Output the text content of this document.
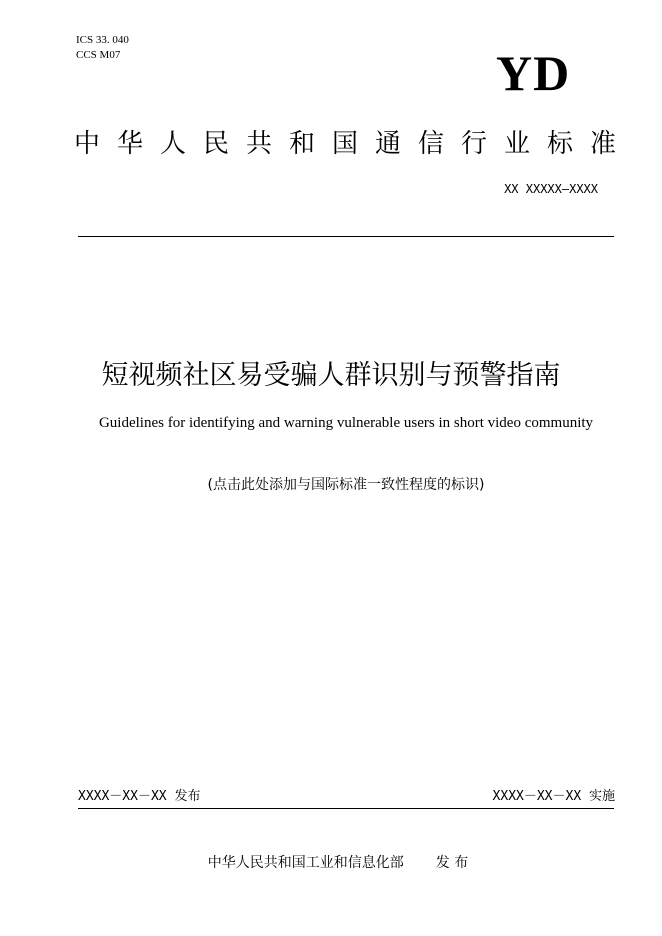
ICS 33. 040
CCS M07	YD
中华人民共和国通信行业标准
XX XXXXX—XXXX
短视频社区易受骗人群识别与预警指南
Guidelines for identifying and warning vulnerable users in short video community
(点击此处添加与国际标准一致性程度的标识)
XXXX－XX－XX 发布	XXXX－XX－XX 实施
中华人民共和国工业和信息化部 发 布
